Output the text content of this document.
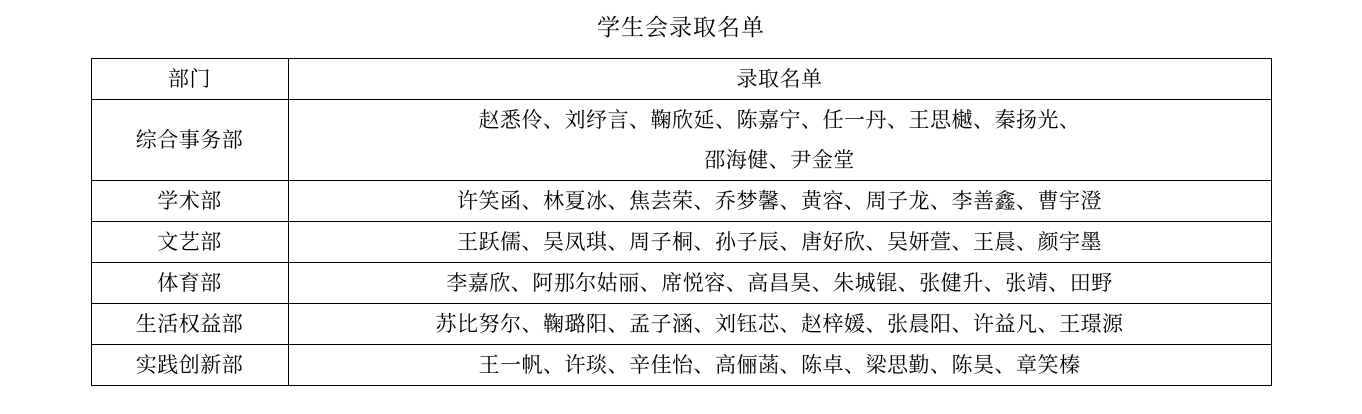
学生会录取名单
部门	录取名单
综合事务部	赵悉伶、刘纾言、鞠欣延、陈嘉宁、任一丹、王思樾、秦扬光、
邵海健、尹金堂
学术部	许笑函、林夏冰、焦芸荣、乔梦馨、黄容、周子龙、李善鑫、曹宇澄
文艺部	王跃儒、吴凤琪、周子桐、孙子辰、唐好欣、吴妍萱、王晨、颜宇墨
体育部	李嘉欣、阿那尔姑丽、席悦容、高昌昊、朱城锟、张健升、张靖、田野
生活权益部	苏比努尔、鞠璐阳、孟子涵、刘钰芯、赵梓媛、张晨阳、许益凡、王璟源
实践创新部	王一帆、许琰、辛佳怡、高俪菡、陈卓、梁思勤、陈昊、章笑榛
